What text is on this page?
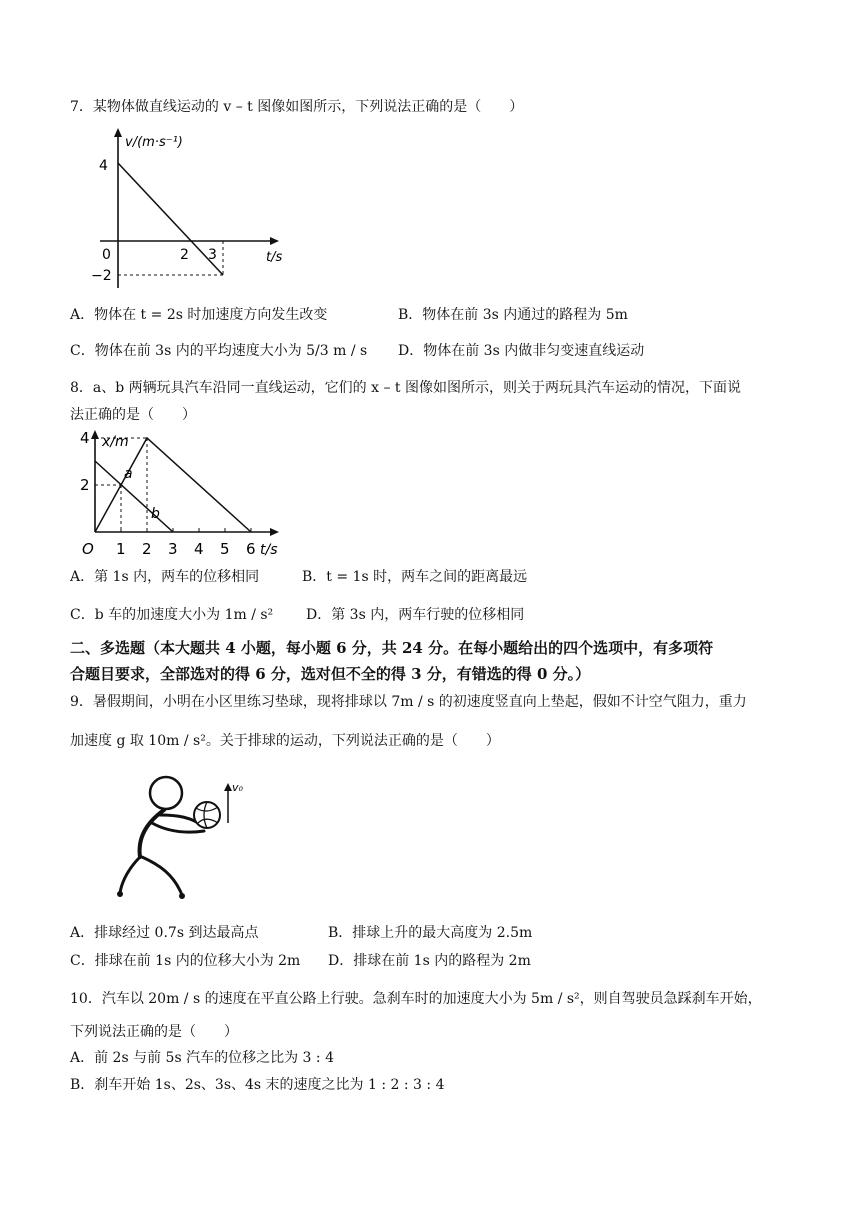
7．某物体做直线运动的 v – t 图像如图所示，下列说法正确的是（　　）
v/(m·s⁻¹)
t/s
4
−2
0	2 3
A．物体在 t = 2s 时加速度方向发生改变	B．物体在前 3s 内通过的路程为 5m
C．物体在前 3s 内的平均速度大小为 5/3 m / s D．物体在前 3s 内做非匀变速直线运动
8．a、b 两辆玩具汽车沿同一直线运动，它们的 x – t 图像如图所示，则关于两玩具汽车运动的情况，下面说
法正确的是（　　）
x/m
t/s
O
4
2
1 2 3 4 5 6
a
b
A．第 1s 内，两车的位移相同	B．t = 1s 时，两车之间的距离最远
C．b 车的加速度大小为 1m / s² D．第 3s 内，两车行驶的位移相同
二、多选题（本大题共 4 小题，每小题 6 分，共 24 分。在每小题给出的四个选项中，有多项符
合题目要求，全部选对的得 6 分，选对但不全的得 3 分，有错选的得 0 分。）
9．暑假期间，小明在小区里练习垫球，现将排球以 7m / s 的初速度竖直向上垫起，假如不计空气阻力，重力
加速度 g 取 10m / s²。关于排球的运动，下列说法正确的是（　　）
v₀
A．排球经过 0.7s 到达最高点	B．排球上升的最大高度为 2.5m
C．排球在前 1s 内的位移大小为 2m D．排球在前 1s 内的路程为 2m
10．汽车以 20m / s 的速度在平直公路上行驶。急刹车时的加速度大小为 5m / s²，则自驾驶员急踩刹车开始，
下列说法正确的是（　　）
A．前 2s 与前 5s 汽车的位移之比为 3 : 4
B．刹车开始 1s、2s、3s、4s 末的速度之比为 1 : 2 : 3 : 4
